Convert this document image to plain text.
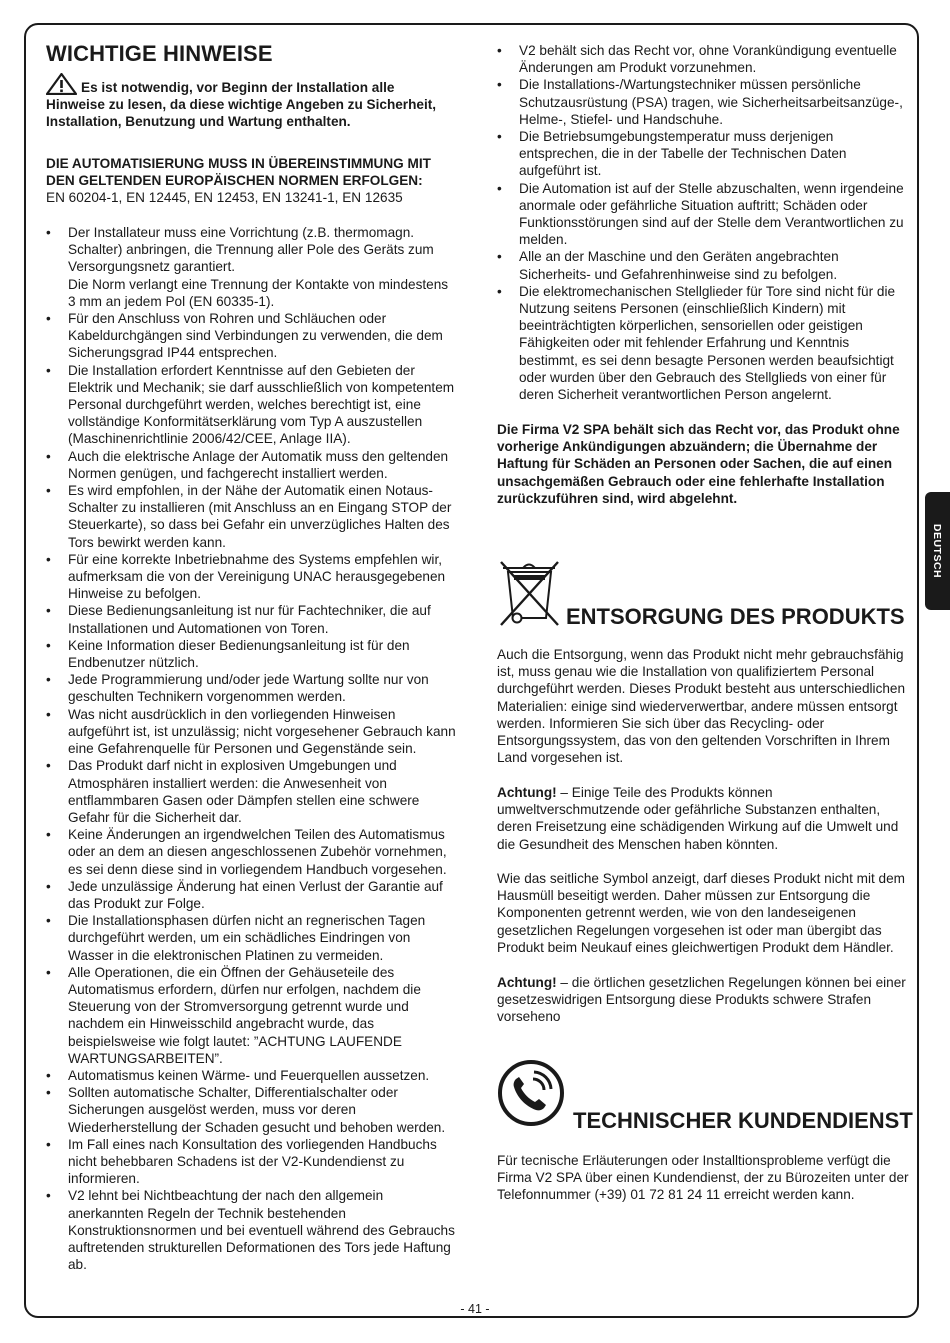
WICHTIGE HINWEISE
Es ist notwendig, vor Beginn der Installation alle Hinweise zu lesen, da diese wichtige Angeben zu Sicherheit, Installation, Benutzung und Wartung enthalten.
DIE AUTOMATISIERUNG MUSS IN ÜBEREINSTIMMUNG MIT DEN GELTENDEN EUROPÄISCHEN NORMEN ERFOLGEN:
EN 60204-1, EN 12445, EN 12453, EN 13241-1, EN 12635
• Der Installateur muss eine Vorrichtung (z.B. thermomagn. Schalter) anbringen, die Trennung aller Pole des Geräts zum Versorgungsnetz garantiert.
Die Norm verlangt eine Trennung der Kontakte von mindestens 3 mm an jedem Pol (EN 60335-1).
• Für den Anschluss von Rohren und Schläuchen oder Kabeldurchgängen sind Verbindungen zu verwenden, die dem Sicherungsgrad IP44 entsprechen.
• Die Installation erfordert Kenntnisse auf den Gebieten der Elektrik und Mechanik; sie darf ausschließlich von kompetentem Personal durchgeführt werden, welches berechtigt ist, eine vollständige Konformitätserklärung vom Typ A auszustellen (Maschinenrichtlinie 2006/42/CEE, Anlage IIA).
• Auch die elektrische Anlage der Automatik muss den geltenden Normen genügen, und fachgerecht installiert werden.
• Es wird empfohlen, in der Nähe der Automatik einen Notaus-Schalter zu installieren (mit Anschluss an en Eingang STOP der Steuerkarte), so dass bei Gefahr ein unverzügliches Halten des Tors bewirkt werden kann.
• Für eine korrekte Inbetriebnahme des Systems empfehlen wir, aufmerksam die von der Vereinigung UNAC herausgegebenen Hinweise zu befolgen.
• Diese Bedienungsanleitung ist nur für Fachtechniker, die auf Installationen und Automationen von Toren.
• Keine Information dieser Bedienungsanleitung ist für den Endbenutzer nützlich.
• Jede Programmierung und/oder jede Wartung sollte nur von geschulten Technikern vorgenommen werden.
• Was nicht ausdrücklich in den vorliegenden Hinweisen aufgeführt ist, ist unzulässig; nicht vorgesehener Gebrauch kann eine Gefahrenquelle für Personen und Gegenstände sein.
• Das Produkt darf nicht in explosiven Umgebungen und Atmosphären installiert werden: die Anwesenheit von entflammbaren Gasen oder Dämpfen stellen eine schwere Gefahr für die Sicherheit dar.
• Keine Änderungen an irgendwelchen Teilen des Automatismus oder an dem an diesen angeschlossenen Zubehör vornehmen, es sei denn diese sind in vorliegendem Handbuch vorgesehen.
• Jede unzulässige Änderung hat einen Verlust der Garantie auf das Produkt zur Folge.
• Die Installationsphasen dürfen nicht an regnerischen Tagen durchgeführt werden, um ein schädliches Eindringen von Wasser in die elektronischen Platinen zu vermeiden.
• Alle Operationen, die ein Öffnen der Gehäuseteile des Automatismus erfordern, dürfen nur erfolgen, nachdem die Steuerung von der Stromversorgung getrennt wurde und nachdem ein Hinweisschild angebracht wurde, das beispielsweise wie folgt lautet: ”ACHTUNG LAUFENDE WARTUNGSARBEITEN”.
• Automatismus keinen Wärme- und Feuerquellen aussetzen.
• Sollten automatische Schalter, Differentialschalter oder Sicherungen ausgelöst werden, muss vor deren Wiederherstellung der Schaden gesucht und behoben werden.
• Im Fall eines nach Konsultation des vorliegenden Handbuchs nicht behebbaren Schadens ist der V2-Kundendienst zu informieren.
• V2 lehnt bei Nichtbeachtung der nach den allgemein anerkannten Regeln der Technik bestehenden Konstruktionsnormen und bei eventuell während des Gebrauchs auftretenden strukturellen Deformationen des Tors jede Haftung ab.
• V2 behält sich das Recht vor, ohne Vorankündigung eventuelle Änderungen am Produkt vorzunehmen.
• Die Installations-/Wartungstechniker müssen persönliche Schutzausrüstung (PSA) tragen, wie Sicherheitsarbeitsanzüge-, Helme-, Stiefel- und Handschuhe.
• Die Betriebsumgebungstemperatur muss derjenigen entsprechen, die in der Tabelle der Technischen Daten aufgeführt ist.
• Die Automation ist auf der Stelle abzuschalten, wenn irgendeine anormale oder gefährliche Situation auftritt; Schäden oder Funktionsstörungen sind auf der Stelle dem Verantwortlichen zu melden.
• Alle an der Maschine und den Geräten angebrachten Sicherheits- und Gefahrenhinweise sind zu befolgen.
• Die elektromechanischen Stellglieder für Tore sind nicht für die Nutzung seitens Personen (einschließlich Kindern) mit beeinträchtigten körperlichen, sensoriellen oder geistigen Fähigkeiten oder mit fehlender Erfahrung und Kenntnis bestimmt, es sei denn besagte Personen werden beaufsichtigt oder wurden über den Gebrauch des Stellglieds von einer für deren Sicherheit verantwortlichen Person angelernt.
Die Firma V2 SPA behält sich das Recht vor, das Produkt ohne vorherige Ankündigungen abzuändern; die Übernahme der Haftung für Schäden an Personen oder Sachen, die auf einen unsachgemäßen Gebrauch oder eine fehlerhafte Installation zurückzuführen sind, wird abgelehnt.
ENTSORGUNG DES PRODUKTS
Auch die Entsorgung, wenn das Produkt nicht mehr gebrauchsfähig ist, muss genau wie die Installation von qualifiziertem Personal durchgeführt werden. Dieses Produkt besteht aus unterschiedlichen Materialien: einige sind wiederverwertbar, andere müssen entsorgt werden. Informieren Sie sich über das Recycling- oder Entsorgungssystem, das von den geltenden Vorschriften in Ihrem Land vorgesehen ist.
Achtung! – Einige Teile des Produkts können umweltverschmutzende oder gefährliche Substanzen enthalten, deren Freisetzung eine schädigenden Wirkung auf die Umwelt und die Gesundheit des Menschen haben könnten.
Wie das seitliche Symbol anzeigt, darf dieses Produkt nicht mit dem Hausmüll beseitigt werden. Daher müssen zur Entsorgung die Komponenten getrennt werden, wie von den landeseigenen gesetzlichen Regelungen vorgesehen ist oder man übergibt das Produkt beim Neukauf eines gleichwertigen Produkt dem Händler.
Achtung! – die örtlichen gesetzlichen Regelungen können bei einer gesetzeswidrigen Entsorgung diese Produkts schwere Strafen vorseheno
TECHNISCHER KUNDENDIENST
Für tecnische Erläuterungen oder Installtionsprobleme verfügt die Firma V2 SPA über einen Kundendienst, der zu Bürozeiten unter der Telefonnummer (+39) 01 72 81 24 11 erreicht werden kann.
DEUTSCH
- 41 -
